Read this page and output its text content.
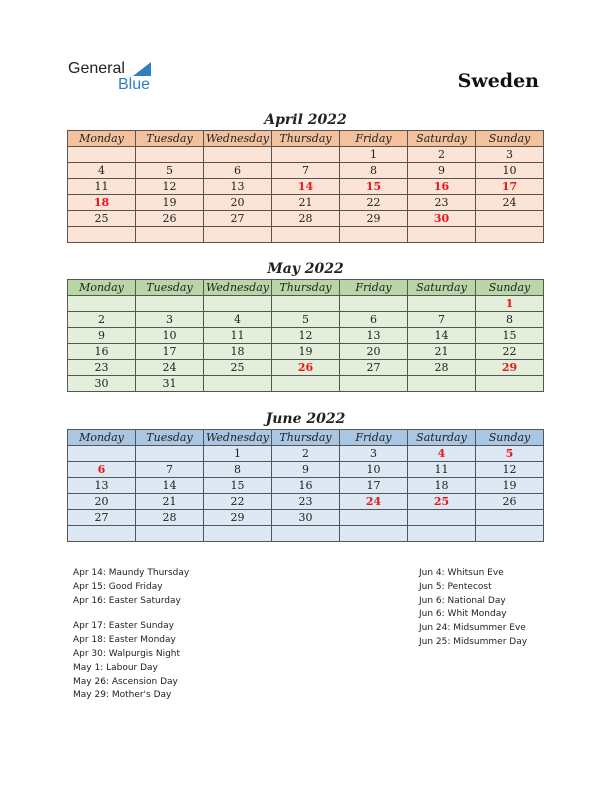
General
Blue	Sweden
April 2022
Monday	Tuesday	Wednesday	Thursday	Friday	Saturday	Sunday
				1	2	3
4	5	6	7	8	9	10
11	12	13	14	15	16	17
18	19	20	21	22	23	24
25	26	27	28	29	30	

May 2022
Monday	Tuesday	Wednesday	Thursday	Friday	Saturday	Sunday
						1
2	3	4	5	6	7	8
9	10	11	12	13	14	15
16	17	18	19	20	21	22
23	24	25	26	27	28	29
30	31					
June 2022
Monday	Tuesday	Wednesday	Thursday	Friday	Saturday	Sunday
		1	2	3	4	5
6	7	8	9	10	11	12
13	14	15	16	17	18	19
20	21	22	23	24	25	26
27	28	29	30			

Apr 14: Maundy Thursday
Apr 15: Good Friday
Apr 16: Easter Saturday
Apr 17: Easter Sunday
Apr 18: Easter Monday
Apr 30: Walpurgis Night
May 1: Labour Day
May 26: Ascension Day
May 29: Mother's Day
Jun 4: Whitsun Eve
Jun 5: Pentecost
Jun 6: National Day
Jun 6: Whit Monday
Jun 24: Midsummer Eve
Jun 25: Midsummer Day
